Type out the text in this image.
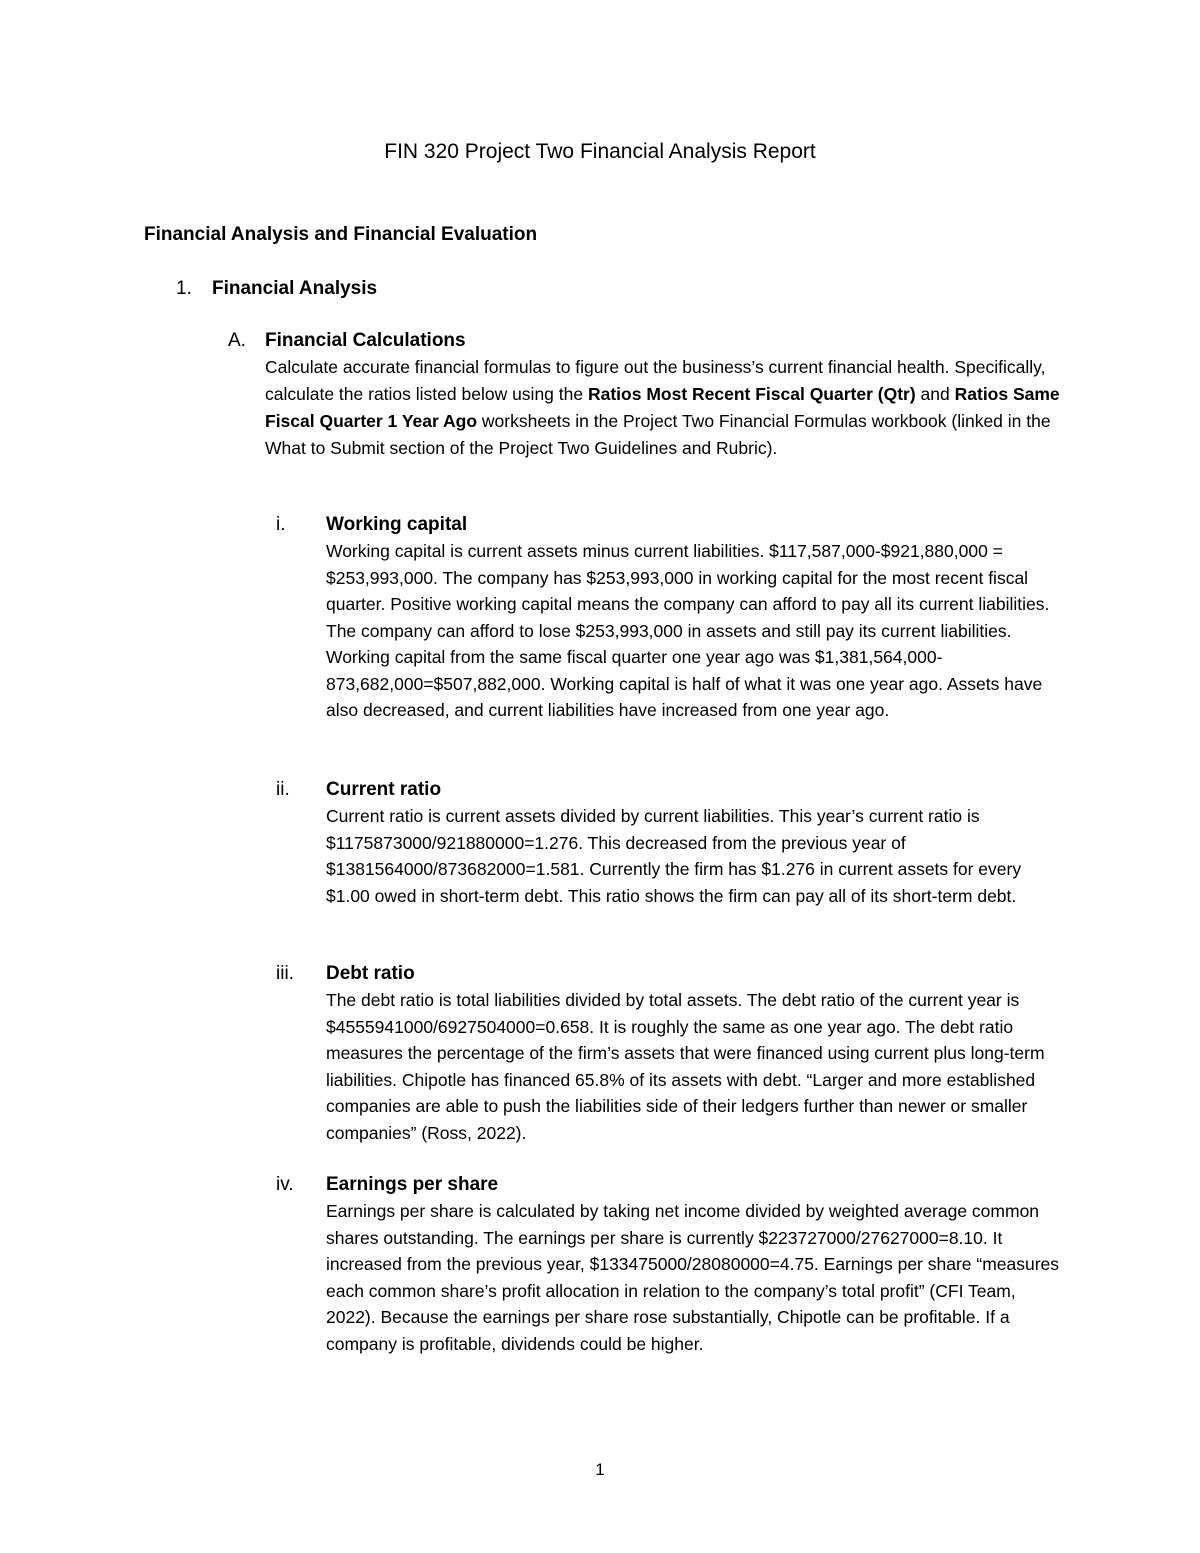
FIN 320 Project Two Financial Analysis Report
Financial Analysis and Financial Evaluation
1. Financial Analysis
A. Financial Calculations
Calculate accurate financial formulas to figure out the business’s current financial health. Specifically, calculate the ratios listed below using the Ratios Most Recent Fiscal Quarter (Qtr) and Ratios Same Fiscal Quarter 1 Year Ago worksheets in the Project Two Financial Formulas workbook (linked in the What to Submit section of the Project Two Guidelines and Rubric).
i.	Working capital
Working capital is current assets minus current liabilities. $117,587,000-$921,880,000 = $253,993,000. The company has $253,993,000 in working capital for the most recent fiscal quarter. Positive working capital means the company can afford to pay all its current liabilities. The company can afford to lose $253,993,000 in assets and still pay its current liabilities. Working capital from the same fiscal quarter one year ago was $1,381,564,000-873,682,000=$507,882,000. Working capital is half of what it was one year ago. Assets have also decreased, and current liabilities have increased from one year ago.
ii.	Current ratio
Current ratio is current assets divided by current liabilities. This year’s current ratio is $1175873000/921880000=1.276. This decreased from the previous year of $1381564000/873682000=1.581. Currently the firm has $1.276 in current assets for every $1.00 owed in short-term debt. This ratio shows the firm can pay all of its short-term debt.
iii.	Debt ratio
The debt ratio is total liabilities divided by total assets. The debt ratio of the current year is $4555941000/6927504000=0.658. It is roughly the same as one year ago. The debt ratio measures the percentage of the firm’s assets that were financed using current plus long-term liabilities. Chipotle has financed 65.8% of its assets with debt. “Larger and more established companies are able to push the liabilities side of their ledgers further than newer or smaller companies” (Ross, 2022).
iv.	Earnings per share
Earnings per share is calculated by taking net income divided by weighted average common shares outstanding. The earnings per share is currently $223727000/27627000=8.10. It increased from the previous year, $133475000/28080000=4.75. Earnings per share “measures each common share’s profit allocation in relation to the company’s total profit” (CFI Team, 2022). Because the earnings per share rose substantially, Chipotle can be profitable. If a company is profitable, dividends could be higher.
1
